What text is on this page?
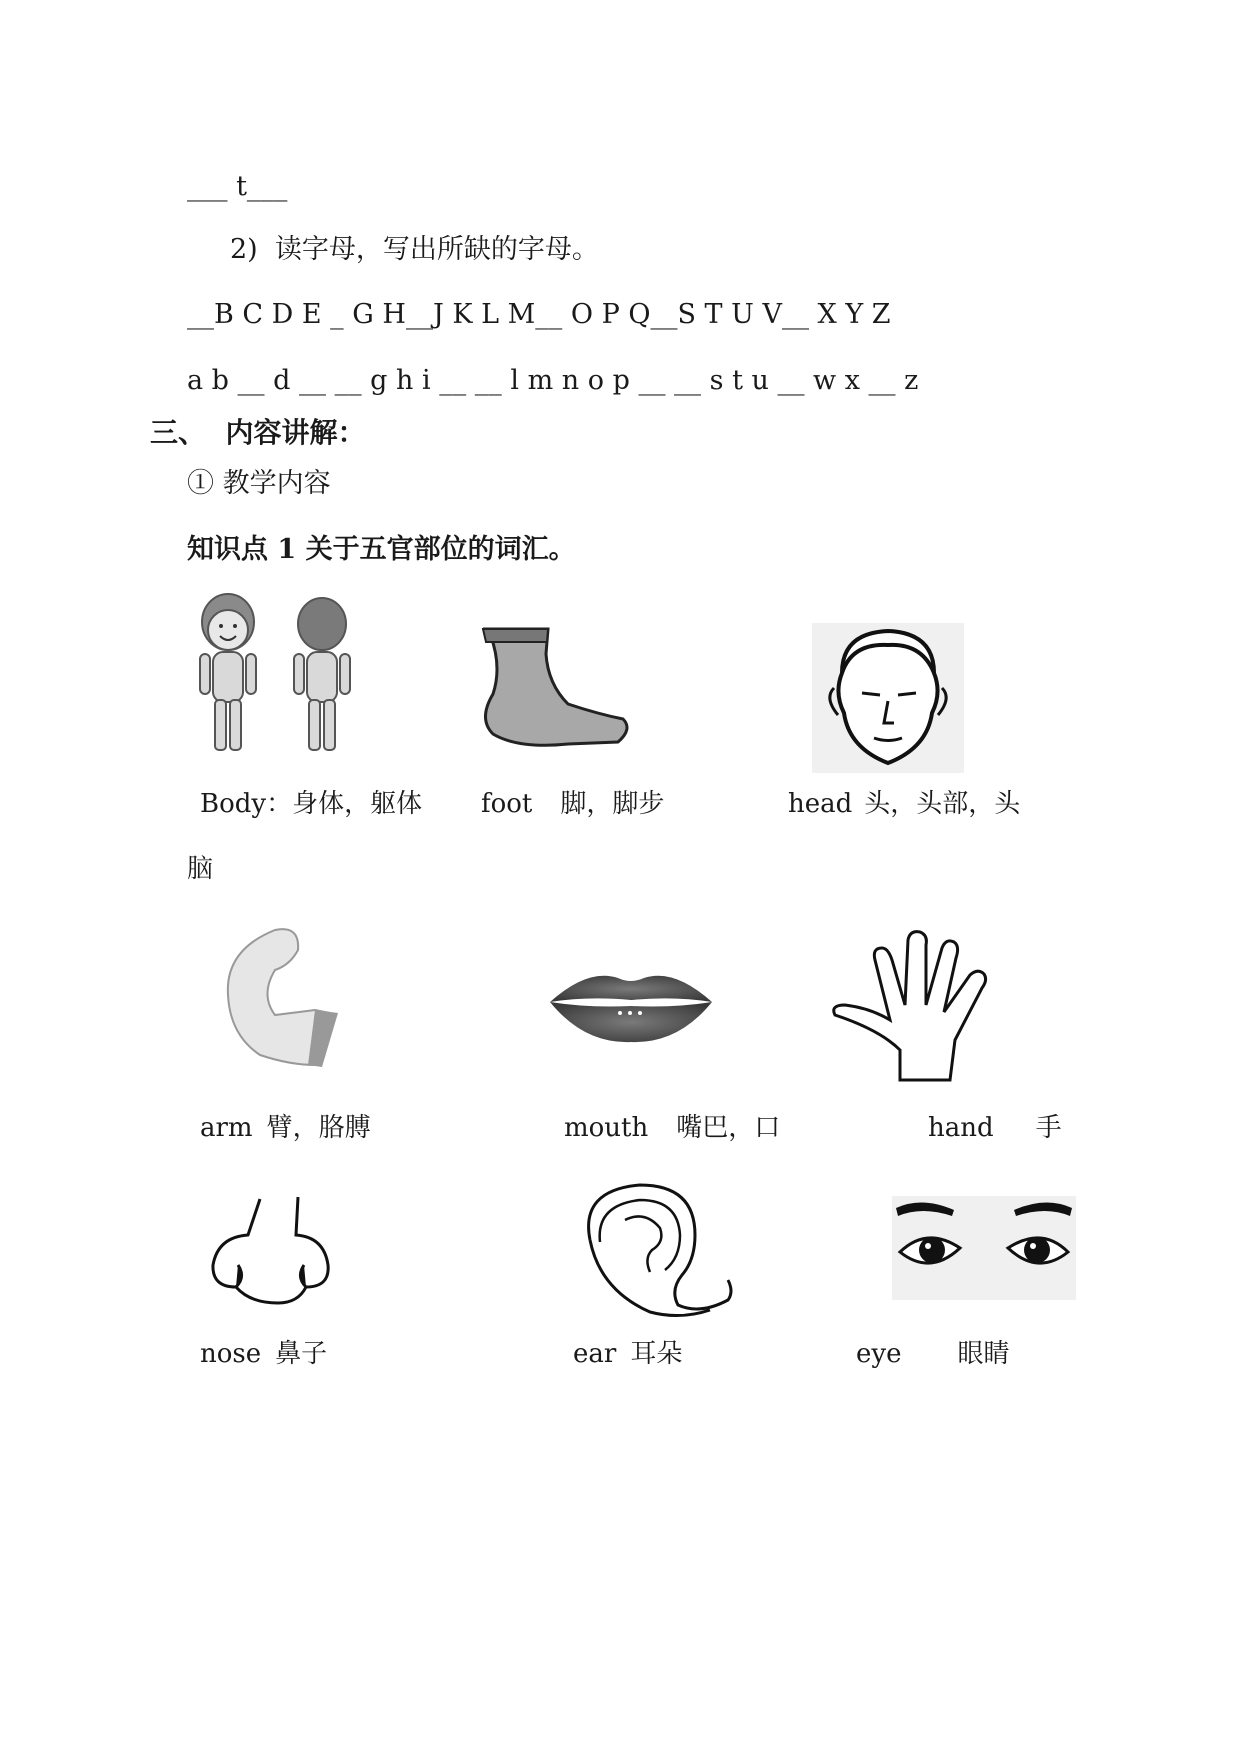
___ t___
2)  读字母，写出所缺的字母。
__B C D E _ G H__J K L M__ O P Q__S T U V__ X Y Z
a b __ d __ __ g h i __ __ l m n o p __ __ s t u __ w x __ z
三、  内容讲解：
① 教学内容
知识点 1 关于五官部位的词汇。
Body：身体，躯体 foot 脚，脚步	head 头，头部，头
脑
arm 臂，胳膊	mouth 嘴巴，口	hand 手
nose 鼻子	ear 耳朵	eye 眼睛
